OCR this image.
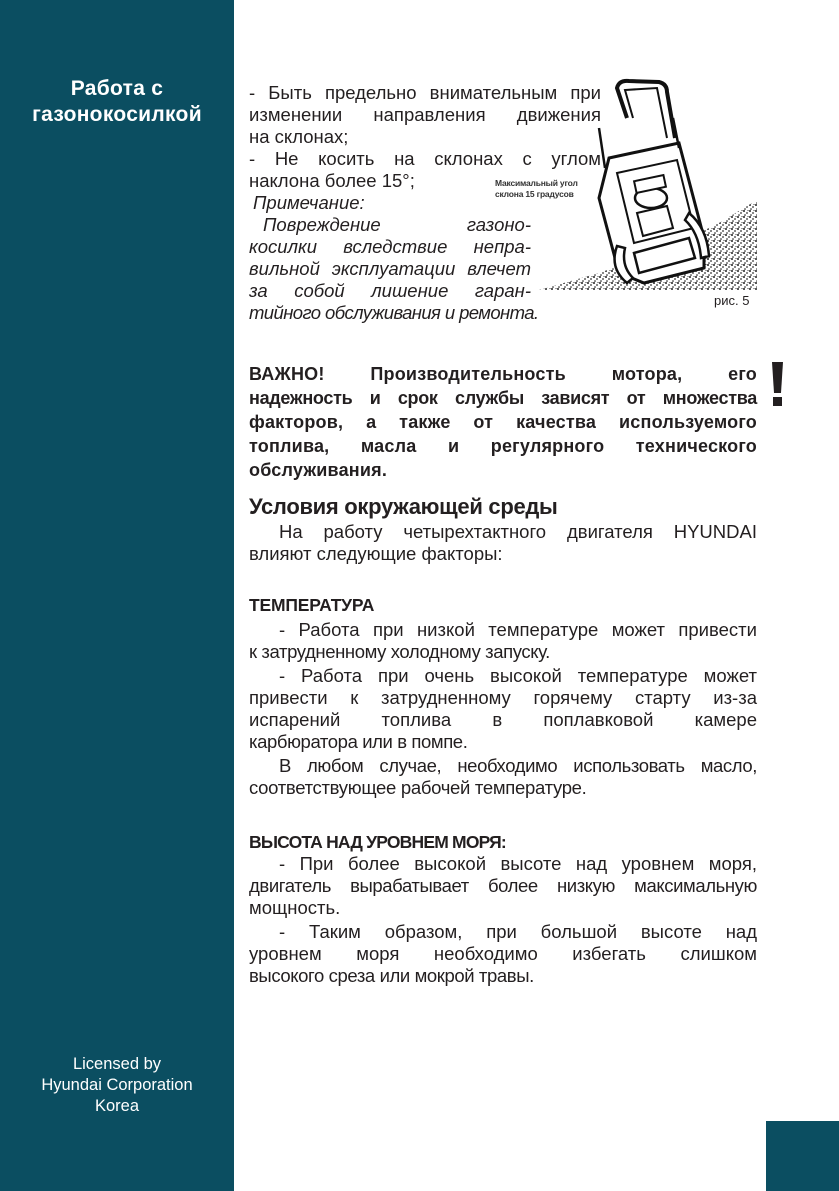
Работа с
газонокосилкой
Licensed by
Hyundai Corporation
Korea
- Быть предельно внимательным при
изменении направления движения
на склонах;
- Не косить на склонах с углом
наклона более 15°;
Примечание:
Повреждение газоно-
косилки вследствие непра-
вильной эксплуатации влечет
за собой лишение гаран-
тийного обслуживания и ремонта.
Максимальный угол
склона 15 градусов
рис. 5
ВАЖНО! Производительность мотора, его
надежность и срок службы зависят от множества
факторов, а также от качества используемого
топлива, масла и регулярного технического
обслуживания.
Условия окружающей среды
На работу четырехтактного двигателя HYUNDAI
влияют следующие факторы:
ТЕМПЕРАТУРА
- Работа при низкой температуре может привести
к затрудненному холодному запуску.
- Работа при очень высокой температуре может
привести к затрудненному горячему старту из-за
испарений топлива в поплавковой камере
карбюратора или в помпе.
В любом случае, необходимо использовать масло,
соответствующее рабочей температуре.
ВЫСОТА НАД УРОВНЕМ МОРЯ:
- При более высокой высоте над уровнем моря,
двигатель вырабатывает более низкую максимальную
мощность.
- Таким образом, при большой высоте над
уровнем моря необходимо избегать слишком
высокого среза или мокрой травы.
